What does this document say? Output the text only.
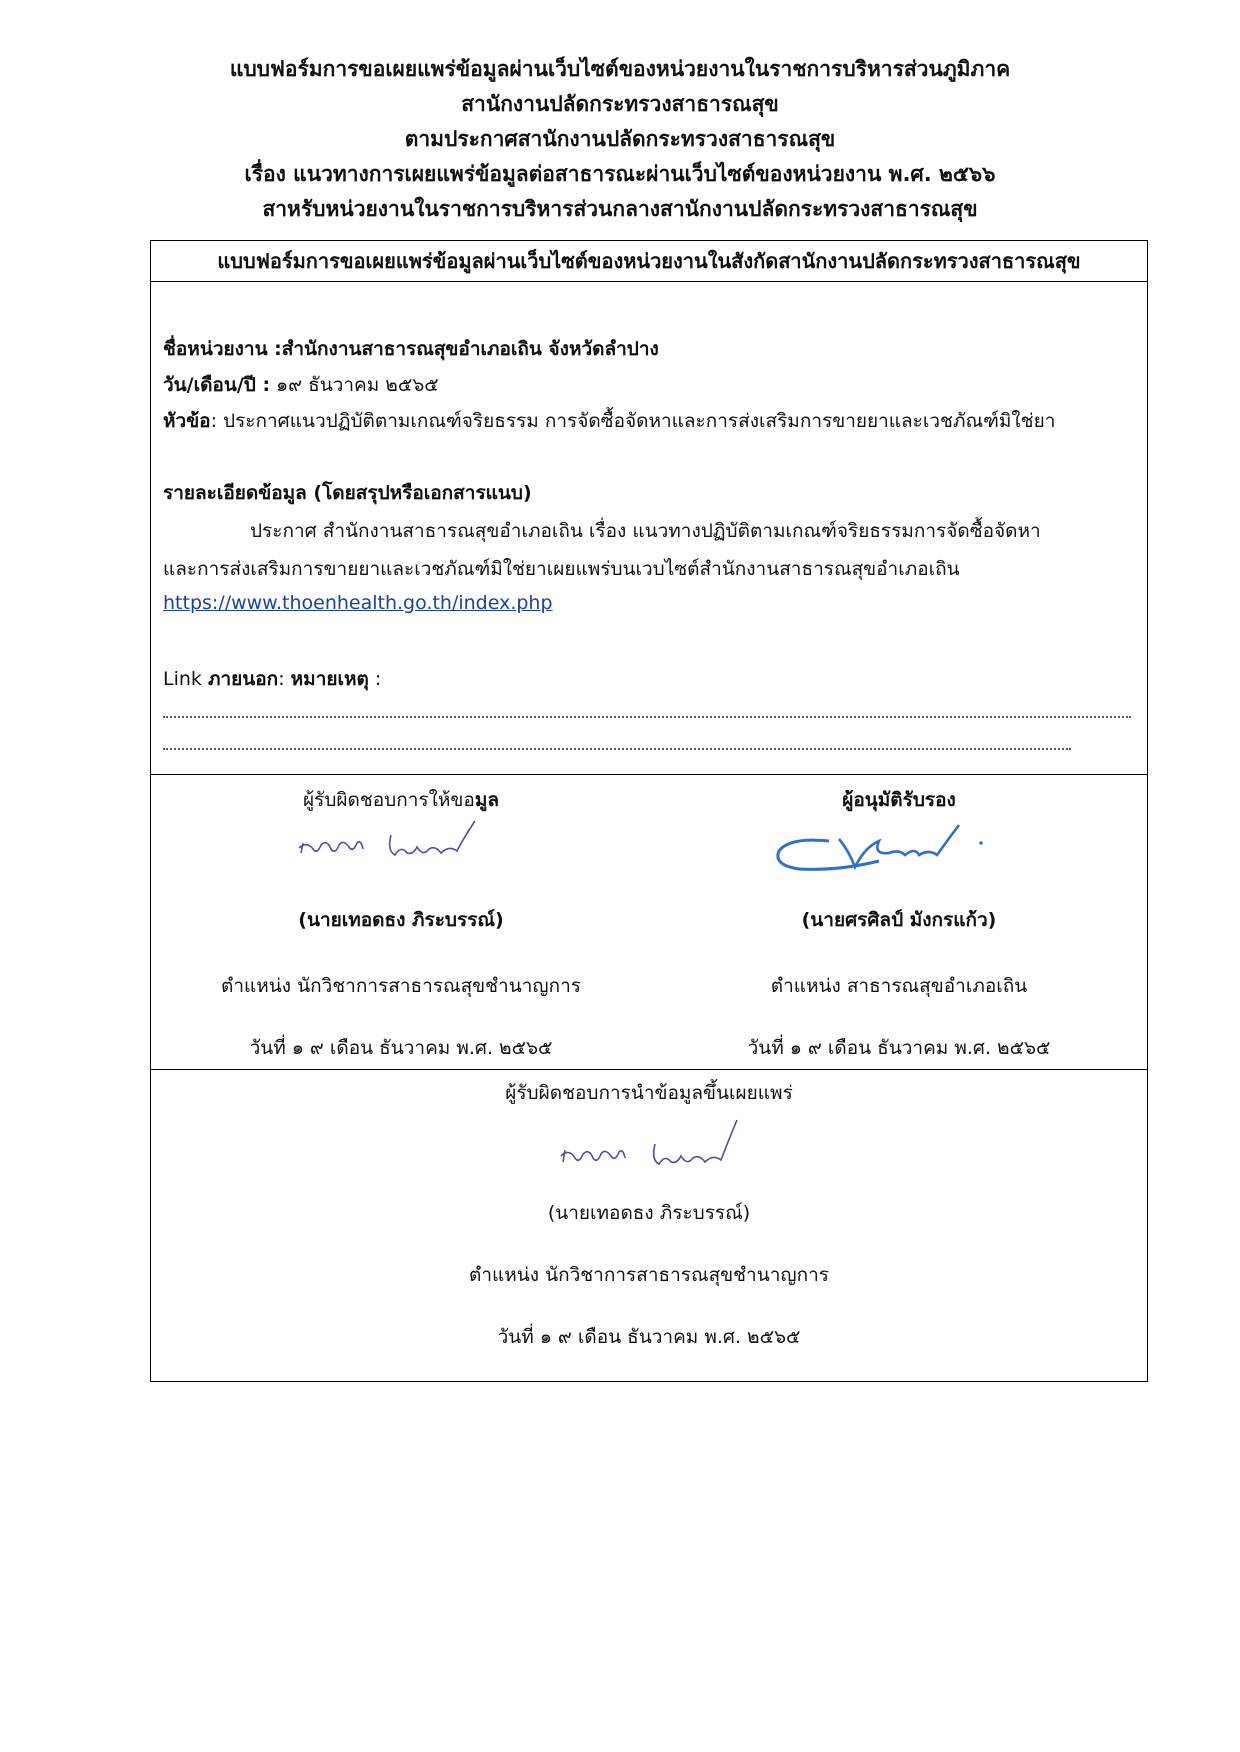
แบบฟอร์มการขอเผยแพร่ข้อมูลผ่านเว็บไซต์ของหน่วยงานในราชการบริหารส่วนภูมิภาค
สานักงานปลัดกระทรวงสาธารณสุข
ตามประกาศสานักงานปลัดกระทรวงสาธารณสุข
เรื่อง แนวทางการเผยแพร่ข้อมูลต่อสาธารณะผ่านเว็บไซต์ของหน่วยงาน พ.ศ. ๒๕๖๖
สาหรับหน่วยงานในราชการบริหารส่วนกลางสานักงานปลัดกระทรวงสาธารณสุข
แบบฟอร์มการขอเผยแพร่ข้อมูลผ่านเว็บไซต์ของหน่วยงานในสังกัดสานักงานปลัดกระทรวงสาธารณสุข
ชื่อหน่วยงาน :สำนักงานสาธารณสุขอำเภอเถิน จังหวัดลำปาง
วัน/เดือน/ปี : ๑๙ ธันวาคม ๒๕๖๕
หัวข้อ: ประกาศแนวปฏิบัติตามเกณฑ์จริยธรรม การจัดซื้อจัดหาและการส่งเสริมการขายยาและเวชภัณฑ์มิใช่ยา
รายละเอียดข้อมูล (โดยสรุปหรือเอกสารแนบ)
ประกาศ สำนักงานสาธารณสุขอำเภอเถิน เรื่อง แนวทางปฏิบัติตามเกณฑ์จริยธรรมการจัดซื้อจัดหา
และการส่งเสริมการขายยาและเวชภัณฑ์มิใช่ยาเผยแพร่บนเวบไซต์สำนักงานสาธารณสุขอำเภอเถิน
https://www.thoenhealth.go.th/index.php
Link ภายนอก: หมายเหตุ :
ผู้รับผิดชอบการให้ขอมูล
(นายเทอดธง ภิระบรรณ์)
ตำแหน่ง นักวิชาการสาธารณสุขชำนาญการ
วันที่ ๑ ๙ เดือน ธันวาคม พ.ศ. ๒๕๖๕
ผู้อนุมัติรับรอง
(นายศรศิลป์ มังกรแก้ว)
ตำแหน่ง สาธารณสุขอำเภอเถิน
วันที่ ๑ ๙ เดือน ธันวาคม พ.ศ. ๒๕๖๕
ผู้รับผิดชอบการนำข้อมูลขึ้นเผยแพร่
(นายเทอดธง ภิระบรรณ์)
ตำแหน่ง นักวิชาการสาธารณสุขชำนาญการ
วันที่ ๑ ๙ เดือน ธันวาคม พ.ศ. ๒๕๖๕
